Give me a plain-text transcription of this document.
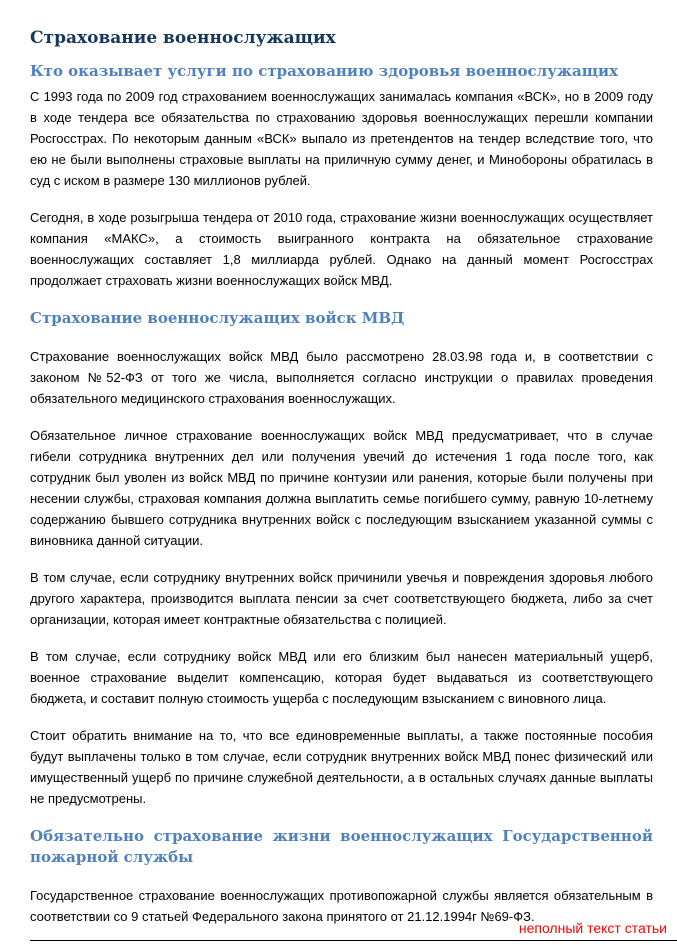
Страхование военнослужащих
Кто оказывает услуги по страхованию здоровья военнослужащих

С 1993 года по 2009 год страхованием военнослужащих занималась компания «ВСК», но в 2009 году в ходе тендера все обязательства по страхованию здоровья военнослужащих перешли компании Росгосстрах. По некоторым данным «ВСК» выпало из претендентов на тендер вследствие того, что ею не были выполнены страховые выплаты на приличную сумму денег, и Минобороны обратилась в суд с иском в размере 130 миллионов рублей.

Сегодня, в ходе розыгрыша тендера от 2010 года, страхование жизни военнослужащих осуществляет компания «МАКС», а стоимость выигранного контракта на обязательное страхование военнослужащих составляет 1,8 миллиарда рублей. Однако на данный момент Росгосстрах продолжает страховать жизни военнослужащих войск МВД.

Страхование военнослужащих войск МВД

Страхование военнослужащих войск МВД было рассмотрено 28.03.98 года и, в соответствии с законом №52-ФЗ от того же числа, выполняется согласно инструкции о правилах проведения обязательного медицинского страхования военнослужащих.

Обязательное личное страхование военнослужащих войск МВД предусматривает, что в случае гибели сотрудника внутренних дел или получения увечий до истечения 1 года после того, как сотрудник был уволен из войск МВД по причине контузии или ранения, которые были получены при несении службы, страховая компания должна выплатить семье погибшего сумму, равную 10-летнему содержанию бывшего сотрудника внутренних войск с последующим взысканием указанной суммы с виновника данной ситуации.

В том случае, если сотруднику внутренних войск причинили увечья и повреждения здоровья любого другого характера, производится выплата пенсии за счет соответствующего бюджета, либо за счет организации, которая имеет контрактные обязательства с полицией.

В том случае, если сотруднику войск МВД или его близким был нанесен материальный ущерб, военное страхование выделит компенсацию, которая будет выдаваться из соответствующего бюджета, и составит полную стоимость ущерба с последующим взысканием с виновного лица.

Стоит обратить внимание на то, что все единовременные выплаты, а также постоянные пособия будут выплачены только в том случае, если сотрудник внутренних войск МВД понес физический или имущественный ущерб по причине служебной деятельности, а в остальных случаях данные выплаты не предусмотрены.

Обязательно страхование жизни военнослужащих Государственной пожарной службы

Государственное страхование военнослужащих противопожарной службы является обязательным в соответствии со 9 статьей Федерального закона принятого от 21.12.1994г №69-ФЗ.

неполный текст статьи
